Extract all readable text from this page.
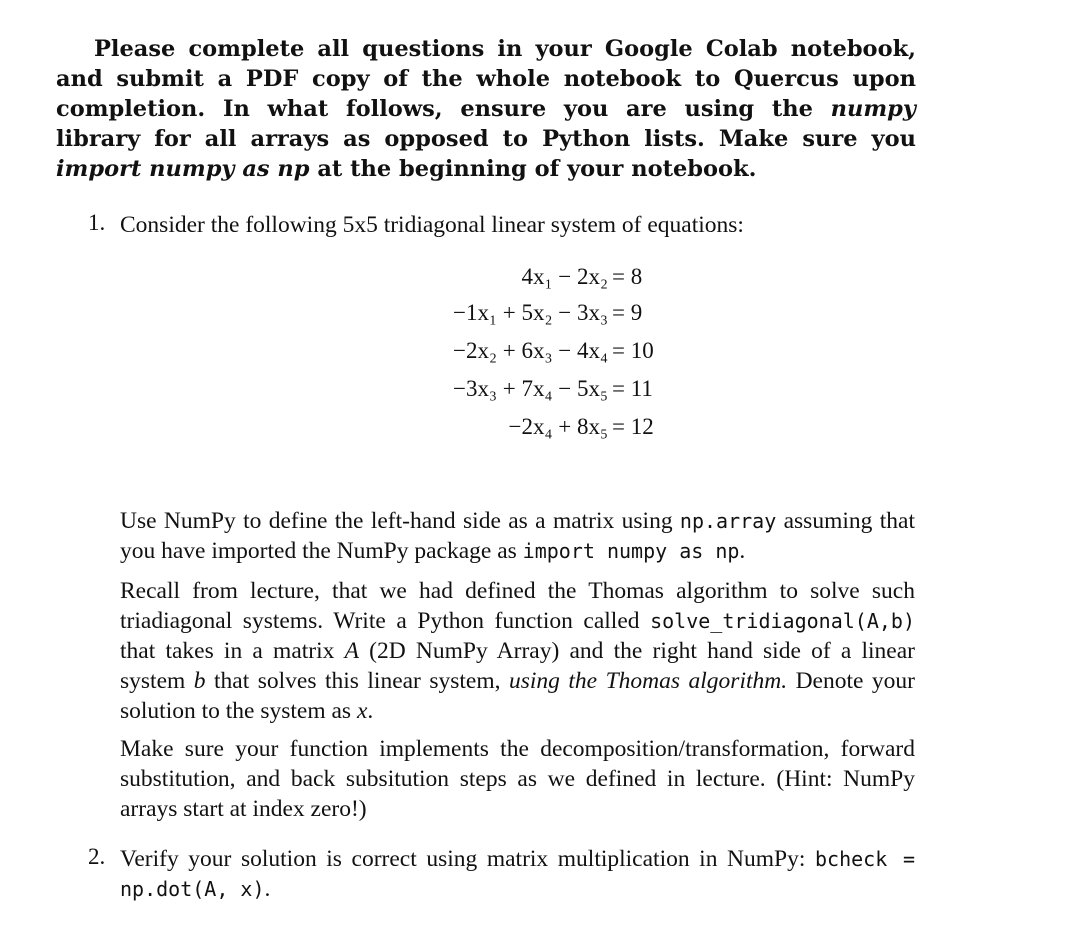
Please complete all questions in your Google Colab notebook, and submit a PDF copy of the whole notebook to Quercus upon completion. In what follows, ensure you are using the numpy library for all arrays as opposed to Python lists. Make sure you import numpy as np at the beginning of your notebook.

1. Consider the following 5x5 tridiagonal linear system of equations:

4x₁ − 2x₂ = 8
−1x₁ + 5x₂ − 3x₃ = 9
−2x₂ + 6x₃ − 4x₄ = 10
−3x₃ + 7x₄ − 5x₅ = 11
−2x₄ + 8x₅ = 12

Use NumPy to define the left-hand side as a matrix using np.array assuming that you have imported the NumPy package as import numpy as np.

Recall from lecture, that we had defined the Thomas algorithm to solve such triadiagonal systems. Write a Python function called solve_tridiagonal(A,b) that takes in a matrix A (2D NumPy Array) and the right hand side of a linear system b that solves this linear system, using the Thomas algorithm. Denote your solution to the system as x.

Make sure your function implements the decomposition/transformation, forward substitution, and back subsitution steps as we defined in lecture. (Hint: NumPy arrays start at index zero!)

2. Verify your solution is correct using matrix multiplication in NumPy: bcheck = np.dot(A, x).
